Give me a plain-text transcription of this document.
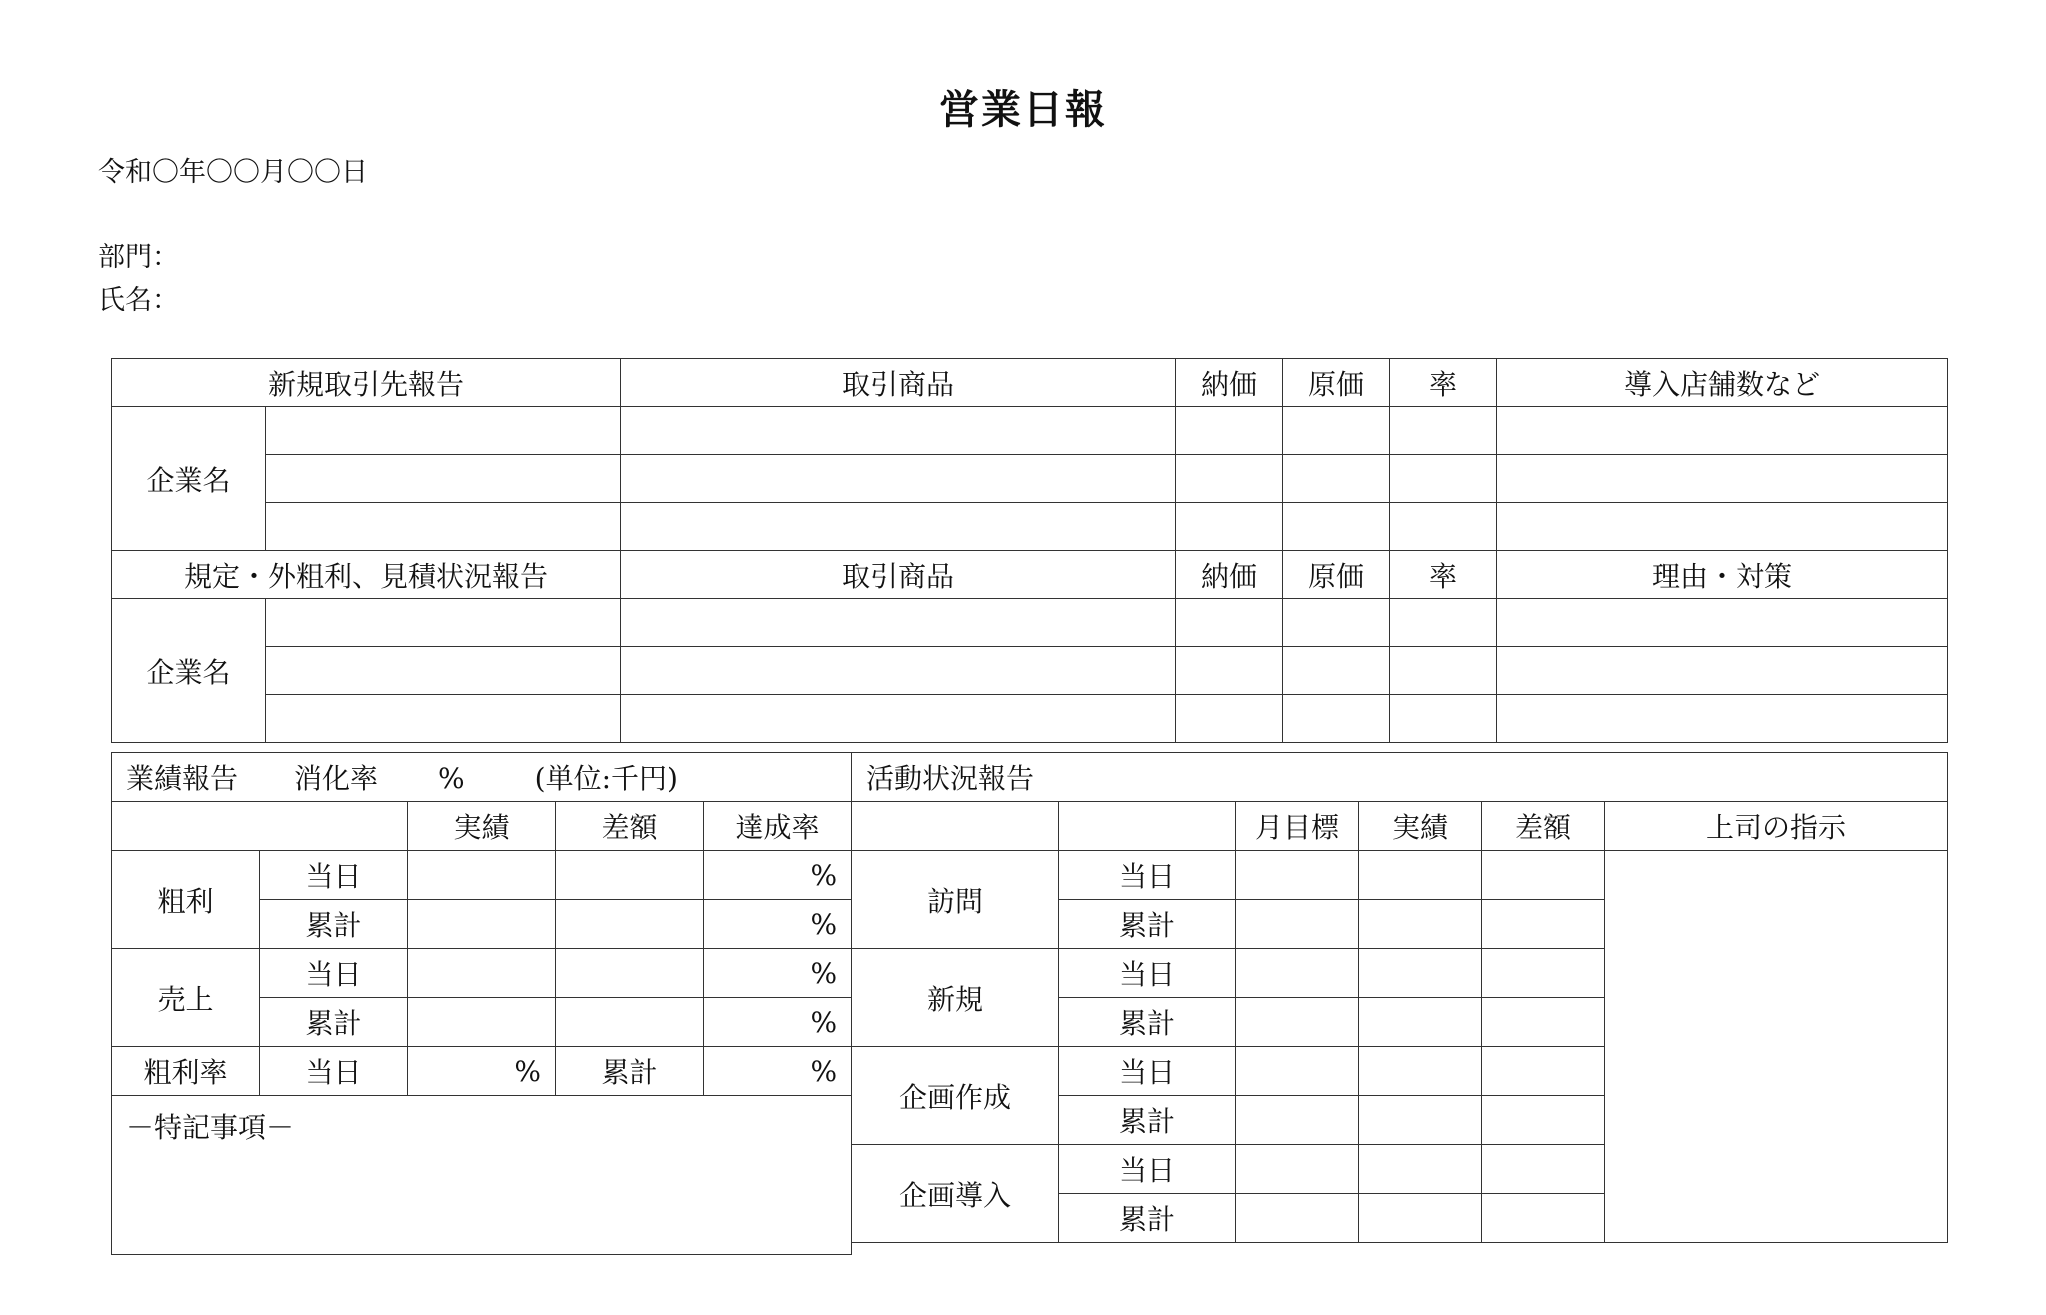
営業日報
令和〇年〇〇月〇〇日
部門：
氏名：
新規取引先報告		取引商品	納価	原価	率	導入店舗数など
企業名						

規定・外粗利、見積状況報告		取引商品	納価	原価	率	理由・対策
企業名						

業績報告 消化率 % (単位:千円)				
		実績	差額	達成率
粗利	当日			%
	累計			%
売上	当日			%
	累計			%
粗利率	当日	%	累計	%
－特記事項－				
活動状況報告					
		月目標	実績	差額	上司の指示
訪問	当日				
	累計				
新規	当日				
	累計				
企画作成	当日				
	累計				
企画導入	当日				
	累計				
